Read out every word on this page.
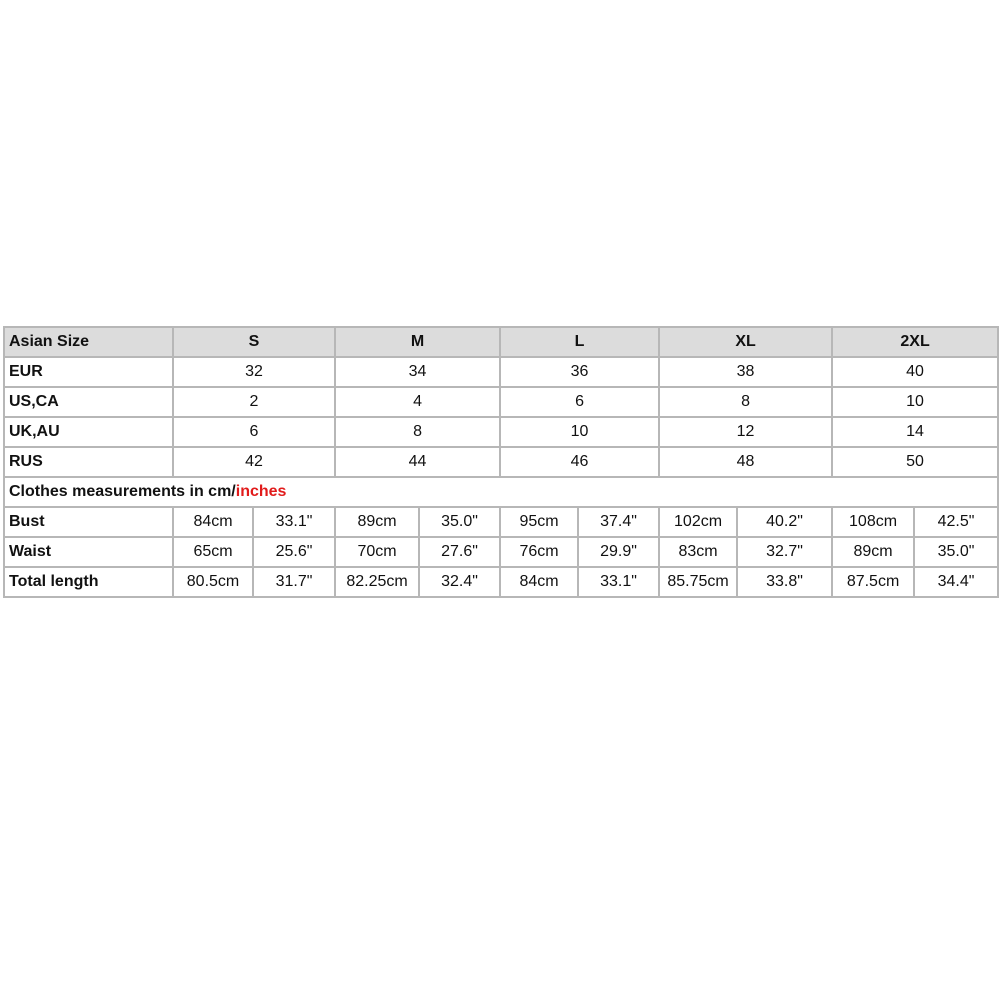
Asian Size	S		M		L		XL		2XL	
EUR	32		34		36		38		40	
US,CA	2		4		6		8		10	
UK,AU	6		8		10		12		14	
RUS	42		44		46		48		50	
Clothes measurements in cm/inches										
Bust	84cm	33.1"	89cm	35.0"	95cm	37.4"	102cm	40.2"	108cm	42.5"
Waist	65cm	25.6"	70cm	27.6"	76cm	29.9"	83cm	32.7"	89cm	35.0"
Total length	80.5cm	31.7"	82.25cm	32.4"	84cm	33.1"	85.75cm	33.8"	87.5cm	34.4"
